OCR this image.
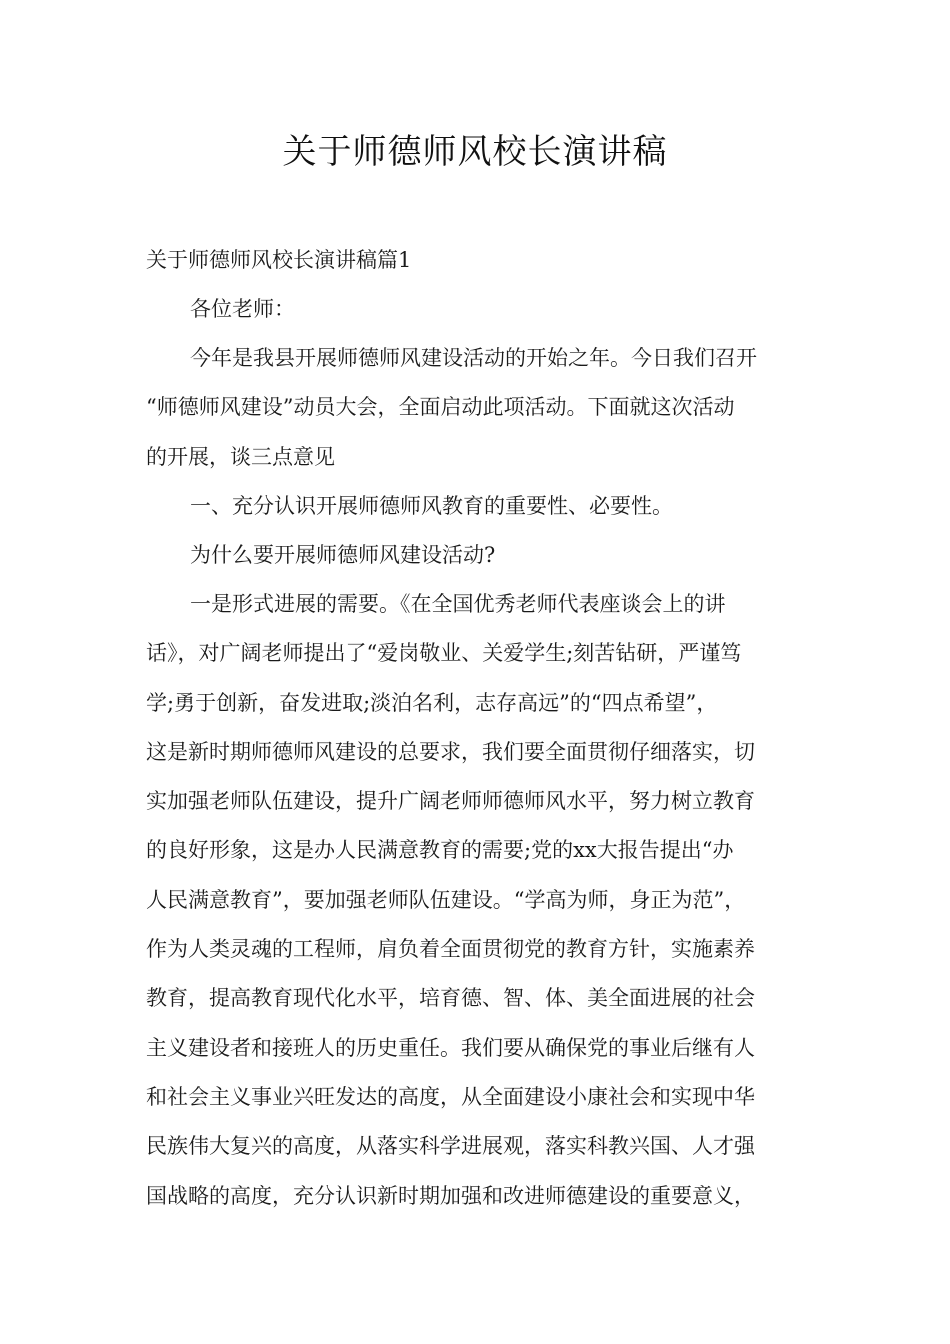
关于师德师风校长演讲稿

关于师德师风校长演讲稿篇1

各位老师：

今年是我县开展师德师风建设活动的开始之年。今日我们召开
“师德师风建设”动员大会，全面启动此项活动。下面就这次活动
的开展，谈三点意见

一、充分认识开展师德师风教育的重要性、必要性。

为什么要开展师德师风建设活动?

一是形式进展的需要。《在全国优秀老师代表座谈会上的讲
话》，对广阔老师提出了“爱岗敬业、关爱学生;刻苦钻研，严谨笃
学;勇于创新，奋发进取;淡泊名利，志存高远”的“四点希望”，
这是新时期师德师风建设的总要求，我们要全面贯彻仔细落实，切
实加强老师队伍建设，提升广阔老师师德师风水平，努力树立教育
的良好形象，这是办人民满意教育的需要;党的xx大报告提出“办
人民满意教育”，要加强老师队伍建设。“学高为师，身正为范”，
作为人类灵魂的工程师，肩负着全面贯彻党的教育方针，实施素养
教育，提高教育现代化水平，培育德、智、体、美全面进展的社会
主义建设者和接班人的历史重任。我们要从确保党的事业后继有人
和社会主义事业兴旺发达的高度，从全面建设小康社会和实现中华
民族伟大复兴的高度，从落实科学进展观，落实科教兴国、人才强
国战略的高度，充分认识新时期加强和改进师德建设的重要意义，
